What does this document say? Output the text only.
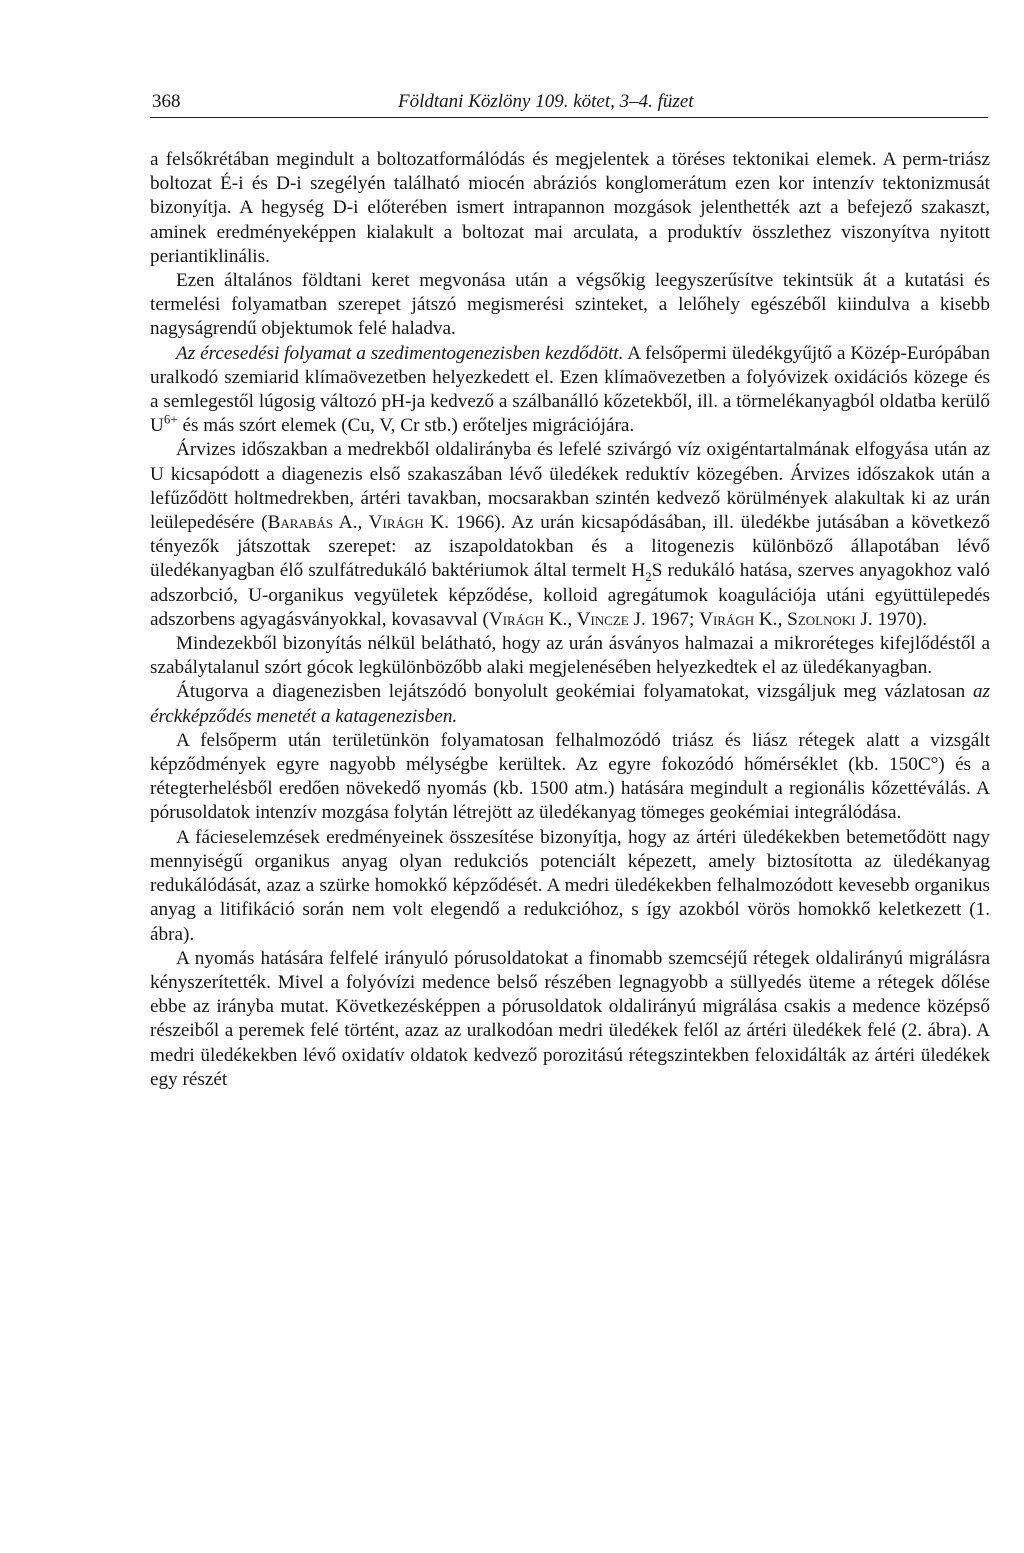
368	Földtani Közlöny 109. kötet, 3–4. füzet

a felsőkrétában megindult a boltozatformálódás és megjelentek a töréses tektonikai elemek. A perm-triász boltozat É-i és D-i szegélyén található miocén abráziós konglomerátum ezen kor intenzív tektonizmusát bizonyítja. A hegység D-i előterében ismert intrapannon mozgások jelenthették azt a befejező szakaszt, aminek eredményeképpen kialakult a boltozat mai arculata, a produktív összlethez viszonyítva nyitott periantiklinális.

Ezen általános földtani keret megvonása után a végsőkig leegyszerűsítve tekintsük át a kutatási és termelési folyamatban szerepet játszó megismerési szinteket, a lelőhely egészéből kiindulva a kisebb nagyságrendű objektumok felé haladva.

Az ércesedési folyamat a szedimentogenezisben kezdődött. A felsőpermi üledékgyűjtő a Közép-Európában uralkodó szemiarid klímaövezetben helyezkedett el. Ezen klímaövezetben a folyóvizek oxidációs közege és a semlegestől lúgosig változó pH-ja kedvező a szálbanálló kőzetekből, ill. a törmelékanyagból oldatba kerülő $U^{6+}$ és más szórt elemek (Cu, V, Cr stb.) erőteljes migrációjára.

Árvizes időszakban a medrekből oldalirányba és lefelé szivárgó víz oxigéntartalmának elfogyása után az U kicsapódott a diagenezis első szakaszában lévő üledékek reduktív közegében. Árvizes időszakok után a lefűződött holtmedrekben, ártéri tavakban, mocsarakban szintén kedvező körülmények alakultak ki az urán leülepedésére (Barabás A., Virágh K. 1966). Az urán kicsapódásában, ill. üledékbe jutásában a következő tényezők játszottak szerepet: az iszapoldatokban és a litogenezis különböző állapotában lévő üledékanyagban élő szulfátredukáló baktériumok által termelt $H_2S$ redukáló hatása, szerves anyagokhoz való adszorbció, U-organikus vegyületek képződése, kolloid agregátumok koagulációja utáni együttülepedés adszorbens agyagásványokkal, kovasavval (Virágh K., Vincze J. 1967; Virágh K., Szolnoki J. 1970).

Mindezekből bizonyítás nélkül belátható, hogy az urán ásványos halmazai a mikroréteges kifejlődéstől a szabálytalanul szórt gócok legkülönbözőbb alaki megjelenésében helyezkedtek el az üledékanyagban.

Átugorva a diagenezisben lejátszódó bonyolult geokémiai folyamatokat, vizsgáljuk meg vázlatosan az érckképződés menetét a katagenezisben.

A felsőperm után területünkön folyamatosan felhalmozódó triász és liász rétegek alatt a vizsgált képződmények egyre nagyobb mélységbe kerültek. Az egyre fokozódó hőmérséklet (kb. 150C°) és a rétegterhelésből eredően növekedő nyomás (kb. 1500 atm.) hatására megindult a regionális kőzettéválás. A pórusoldatok intenzív mozgása folytán létrejött az üledékanyag tömeges geokémiai integrálódása.

A fácieselemzések eredményeinek összesítése bizonyítja, hogy az ártéri üledékekben betemetődött nagy mennyiségű organikus anyag olyan redukciós potenciált képezett, amely biztosította az üledékanyag redukálódását, azaz a szürke homokkő képződését. A medri üledékekben felhalmozódott kevesebb organikus anyag a litifikáció során nem volt elegendő a redukcióhoz, s így azokból vörös homokkő keletkezett (1. ábra).

A nyomás hatására felfelé irányuló pórusoldatokat a finomabb szemcséjű rétegek oldalirányú migrálásra kényszerítették. Mivel a folyóvízi medence belső részében legnagyobb a süllyedés üteme a rétegek dőlése ebbe az irányba mutat. Következésképpen a pórusoldatok oldalirányú migrálása csakis a medence középső részeiből a peremek felé történt, azaz az uralkodóan medri üledékek felől az ártéri üledékek felé (2. ábra). A medri üledékekben lévő oxidatív oldatok kedvező porozitású rétegszintekben feloxidálták az ártéri üledékek egy részét
